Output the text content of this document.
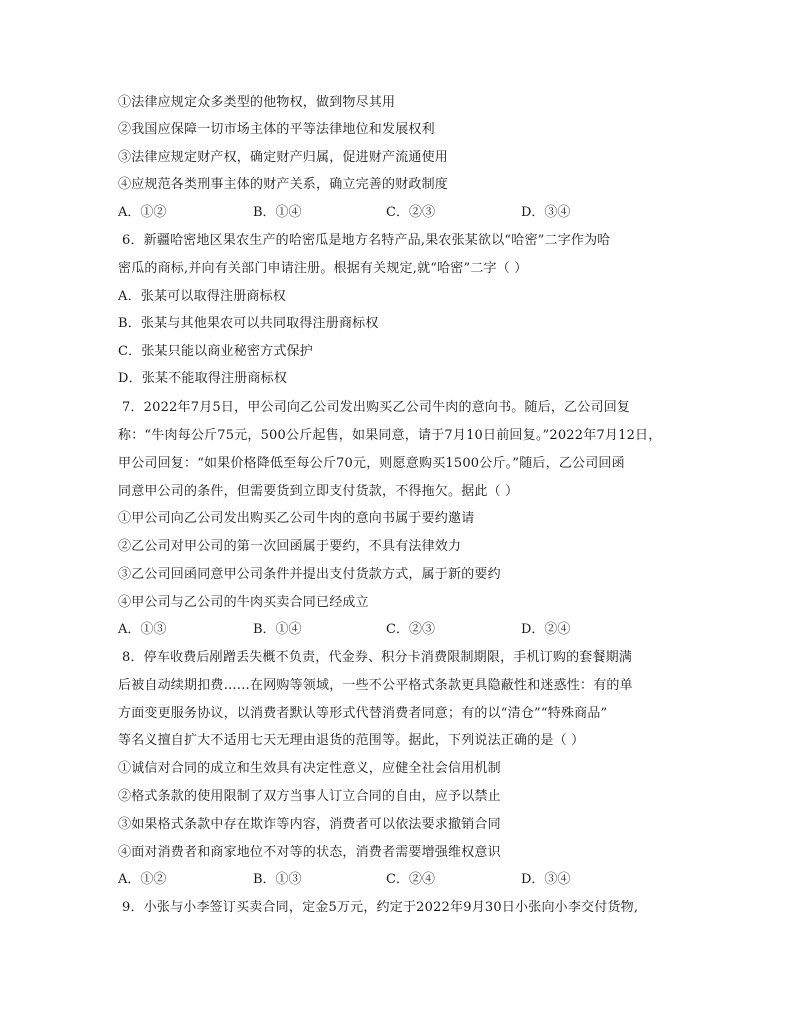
①法律应规定众多类型的他物权，做到物尽其用
②我国应保障一切市场主体的平等法律地位和发展权利
③法律应规定财产权，确定财产归属，促进财产流通使用
④应规范各类刑事主体的财产关系，确立完善的财政制度
A．①②	B．①④	C．②③	D．③④
6．新疆哈密地区果农生产的哈密瓜是地方名特产品,果农张某欲以“哈密”二字作为哈
密瓜的商标,并向有关部门申请注册。根据有关规定,就“哈密”二字（ ）
A．张某可以取得注册商标权
B．张某与其他果农可以共同取得注册商标权
C．张某只能以商业秘密方式保护
D．张某不能取得注册商标权
7．2022年7月5日，甲公司向乙公司发出购买乙公司牛肉的意向书。随后，乙公司回复
称：“牛肉每公斤75元，500公斤起售，如果同意，请于7月10日前回复。”2022年7月12日，
甲公司回复：“如果价格降低至每公斤70元，则愿意购买1500公斤。”随后，乙公司回函
同意甲公司的条件，但需要货到立即支付货款，不得拖欠。据此（ ）
①甲公司向乙公司发出购买乙公司牛肉的意向书属于要约邀请
②乙公司对甲公司的第一次回函属于要约，不具有法律效力
③乙公司回函同意甲公司条件并提出支付货款方式，属于新的要约
④甲公司与乙公司的牛肉买卖合同已经成立
A．①③	B．①④	C．②③	D．②④
8．停车收费后剐蹭丢失概不负责，代金券、积分卡消费限制期限，手机订购的套餐期满
后被自动续期扣费……在网购等领域，一些不公平格式条款更具隐蔽性和迷惑性：有的单
方面变更服务协议，以消费者默认等形式代替消费者同意；有的以“清仓”“特殊商品”
等名义擅自扩大不适用七天无理由退货的范围等。据此，下列说法正确的是（ ）
①诚信对合同的成立和生效具有决定性意义，应健全社会信用机制
②格式条款的使用限制了双方当事人订立合同的自由，应予以禁止
③如果格式条款中存在欺诈等内容，消费者可以依法要求撤销合同
④面对消费者和商家地位不对等的状态，消费者需要增强维权意识
A．①②	B．①③	C．②④	D．③④
9．小张与小李签订买卖合同，定金5万元，约定于2022年9月30日小张向小李交付货物,
